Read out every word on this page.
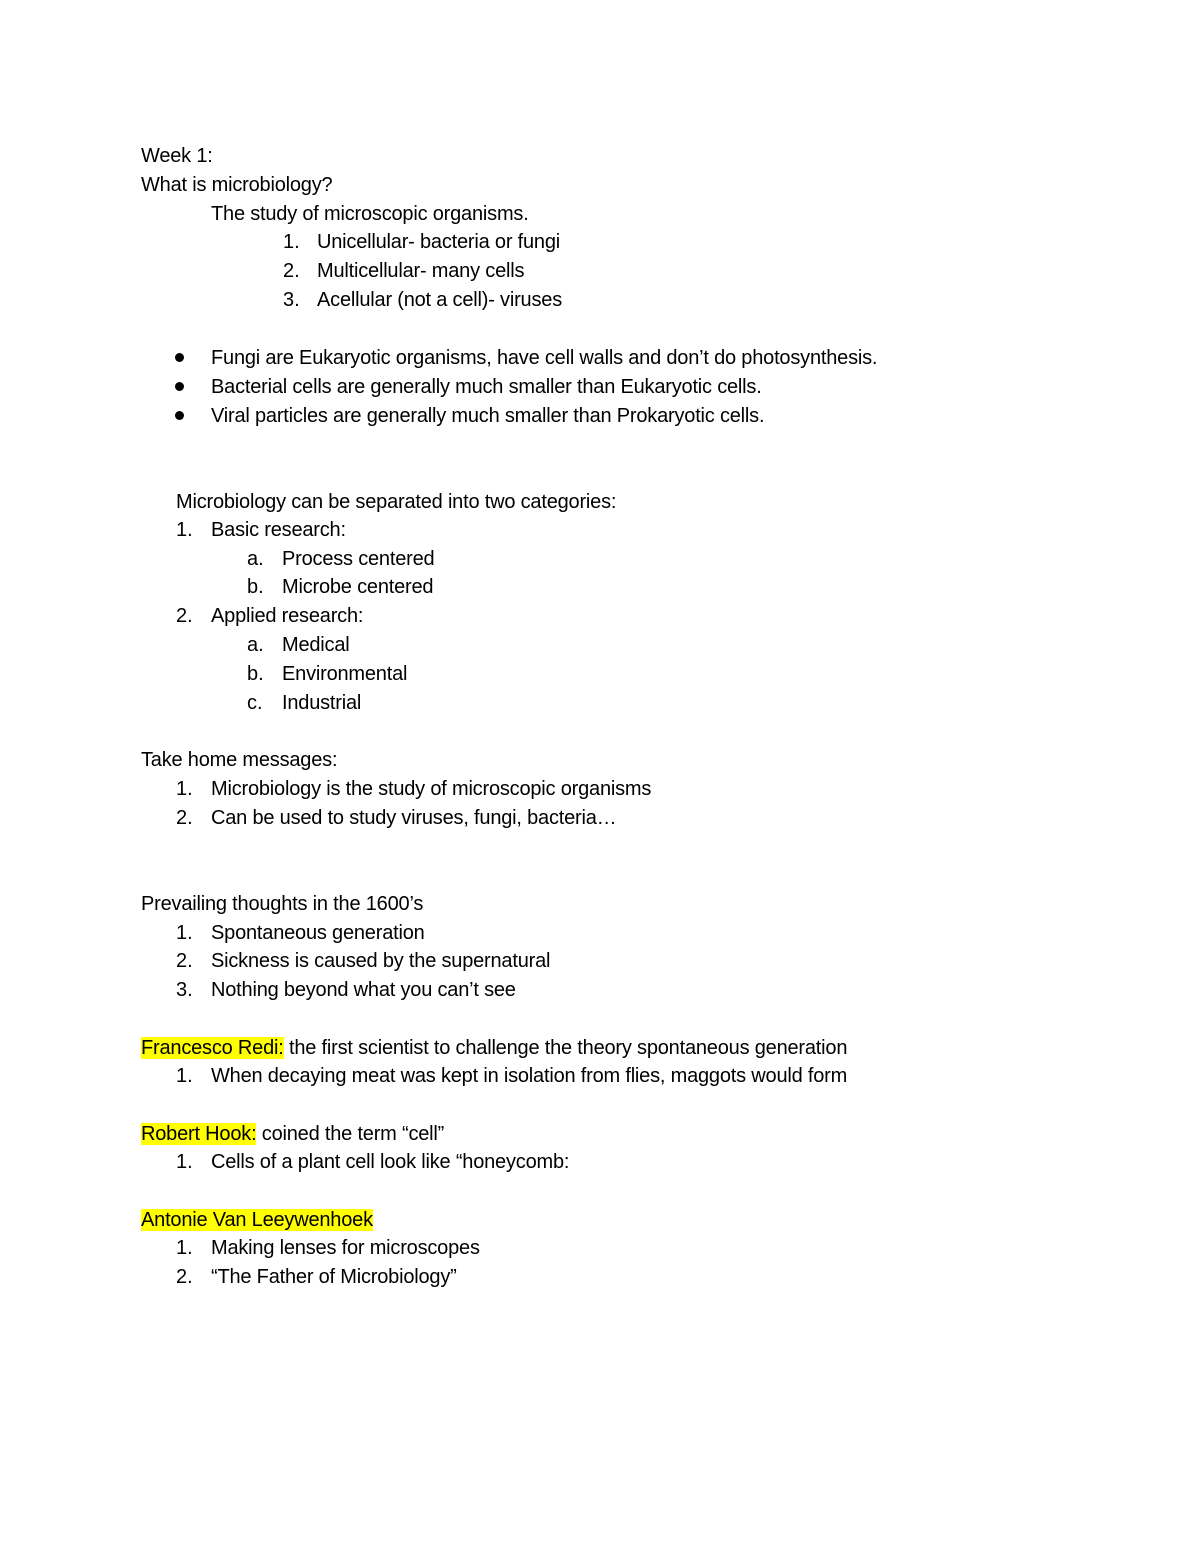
Week 1:
What is microbiology?
The study of microscopic organisms.
1. Unicellular- bacteria or fungi
2. Multicellular- many cells
3. Acellular (not a cell)- viruses
Fungi are Eukaryotic organisms, have cell walls and don’t do photosynthesis.
Bacterial cells are generally much smaller than Eukaryotic cells.
Viral particles are generally much smaller than Prokaryotic cells.
Microbiology can be separated into two categories:
1. Basic research:
a. Process centered
b. Microbe centered
2. Applied research:
a. Medical
b. Environmental
c. Industrial
Take home messages:
1. Microbiology is the study of microscopic organisms
2. Can be used to study viruses, fungi, bacteria…
Prevailing thoughts in the 1600’s
1. Spontaneous generation
2. Sickness is caused by the supernatural
3. Nothing beyond what you can’t see
Francesco Redi: the first scientist to challenge the theory spontaneous generation
1. When decaying meat was kept in isolation from flies, maggots would form
Robert Hook: coined the term “cell”
1. Cells of a plant cell look like “honeycomb:
Antonie Van Leeywenhoek
1. Making lenses for microscopes
2. “The Father of Microbiology”
